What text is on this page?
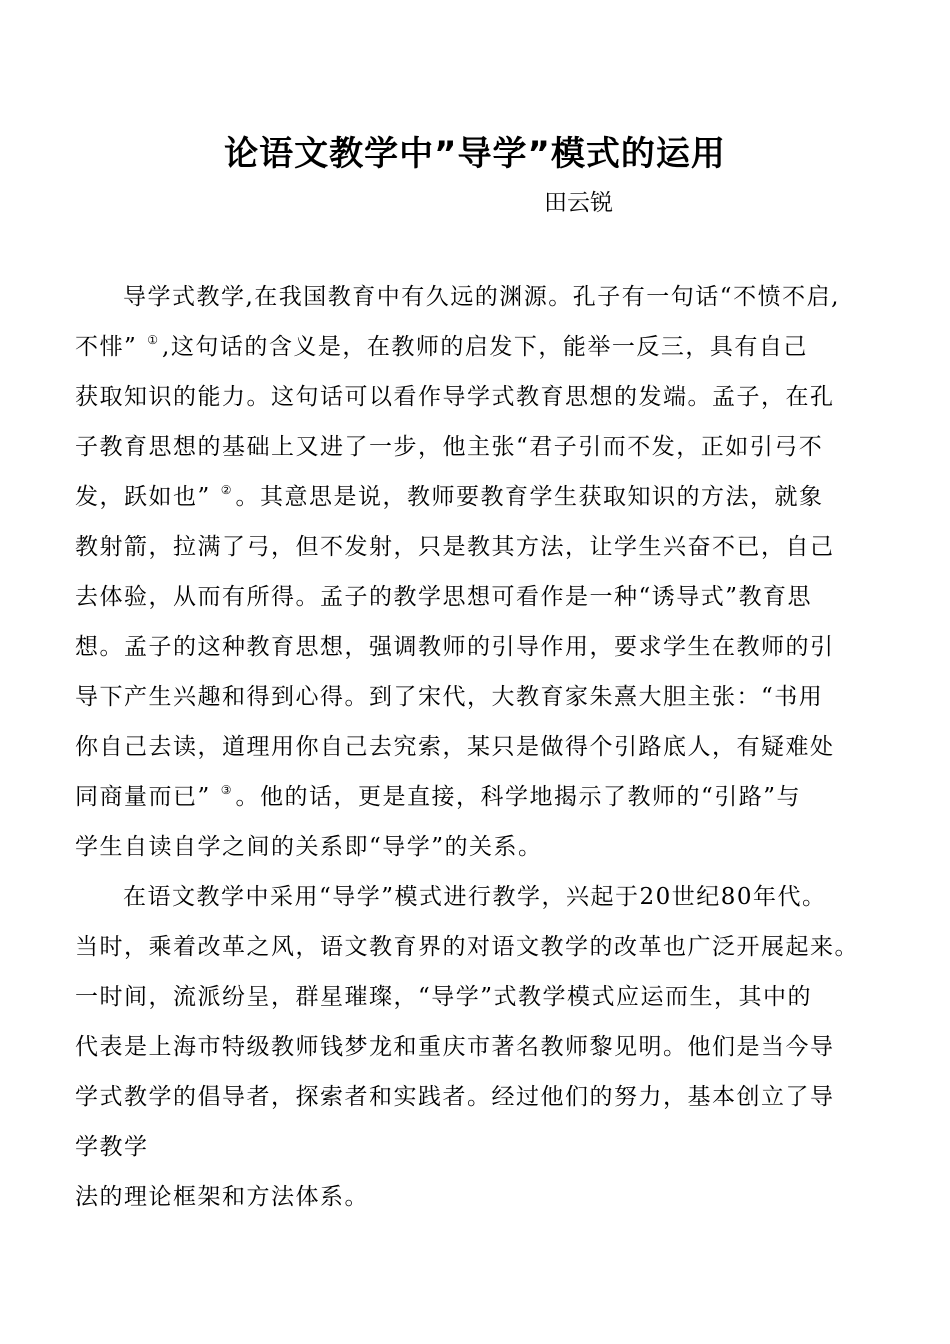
论语文教学中”导学”模式的运用
田云锐
导学式教学,在我国教育中有久远的渊源。孔子有一句话“不愤不启,
不悱” ① ,这句话的含义是，在教师的启发下，能举一反三，具有自己
获取知识的能力。这句话可以看作导学式教育思想的发端。孟子，在孔
子教育思想的基础上又进了一步，他主张“君子引而不发，正如引弓不
发，跃如也” ② 。其意思是说，教师要教育学生获取知识的方法，就象
教射箭，拉满了弓，但不发射，只是教其方法，让学生兴奋不已，自己
去体验，从而有所得。孟子的教学思想可看作是一种“诱导式”教育思
想。孟子的这种教育思想，强调教师的引导作用，要求学生在教师的引
导下产生兴趣和得到心得。到了宋代，大教育家朱熹大胆主张：“书用
你自己去读，道理用你自己去究索，某只是做得个引路底人，有疑难处
同商量而已” ③ 。他的话，更是直接，科学地揭示了教师的“引路”与
学生自读自学之间的关系即“导学”的关系。
在语文教学中采用“导学”模式进行教学，兴起于20世纪80年代。
当时，乘着改革之风，语文教育界的对语文教学的改革也广泛开展起来。
一时间，流派纷呈，群星璀璨，“导学”式教学模式应运而生，其中的
代表是上海市特级教师钱梦龙和重庆市著名教师黎见明。他们是当今导
学式教学的倡导者，探索者和实践者。经过他们的努力，基本创立了导
学教学
法的理论框架和方法体系。
